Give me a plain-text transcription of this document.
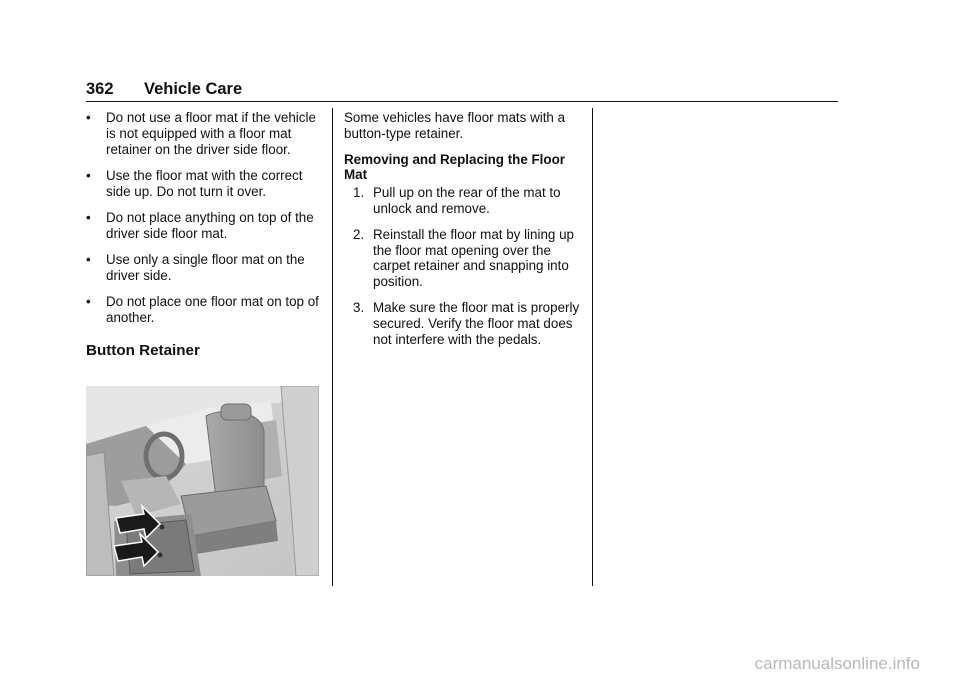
362 Vehicle Care
• Do not use a floor mat if the vehicle is not equipped with a floor mat retainer on the driver side floor.
• Use the floor mat with the correct side up. Do not turn it over.
• Do not place anything on top of the driver side floor mat.
• Use only a single floor mat on the driver side.
• Do not place one floor mat on top of another.
Button Retainer

Some vehicles have floor mats with a button-type retainer.

Removing and Replacing the Floor Mat

1. Pull up on the rear of the mat to unlock and remove.
2. Reinstall the floor mat by lining up the floor mat opening over the carpet retainer and snapping into position.
3. Make sure the floor mat is properly secured. Verify the floor mat does not interfere with the pedals.
carmanualsonline.info
